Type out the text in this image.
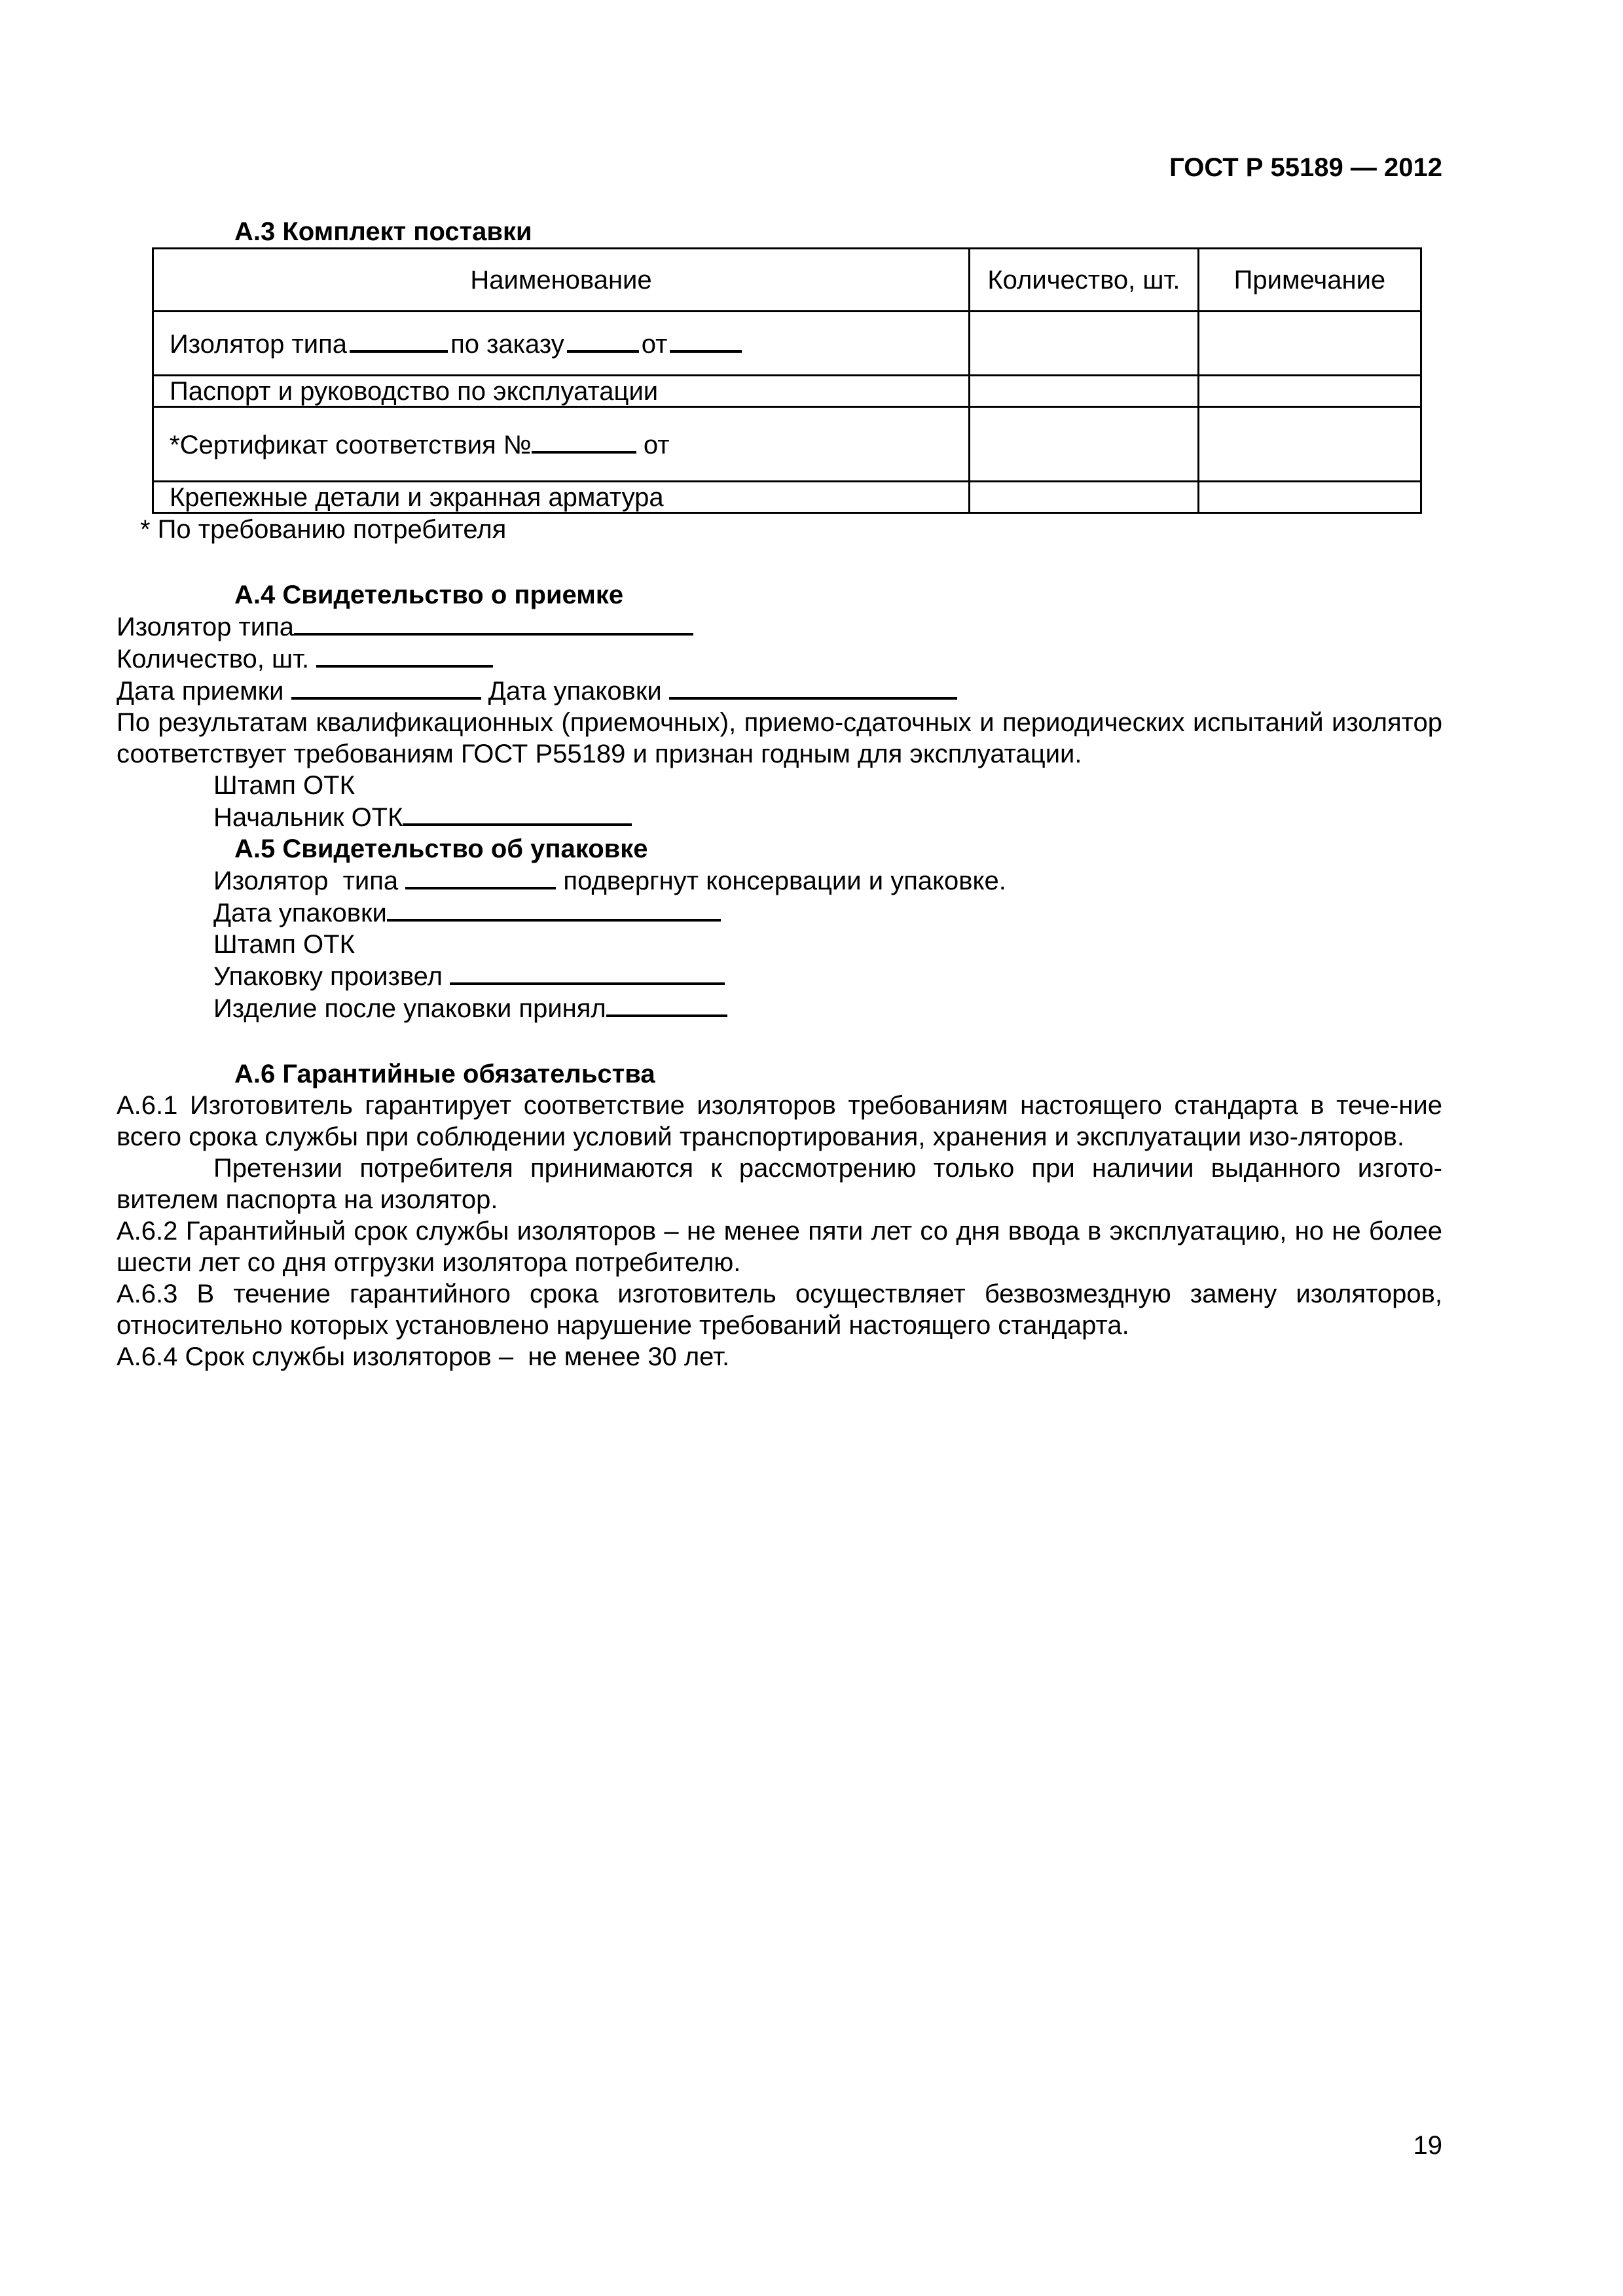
ГОСТ Р 55189 — 2012
А.3 Комплект поставки
Наименование	Количество, шт.	Примечание
Изолятор типа по заказу от		
Паспорт и руководство по эксплуатации		
*Сертификат соответствия № от		
Крепежные детали и экранная арматура		
* По требованию потребителя
А.4 Свидетельство о приемке
Изолятор типа
Количество, шт.
Дата приемки	Дата упаковки
По результатам квалификационных (приемочных), приемо-сдаточных и периодических испытаний изолятор соответствует требованиям ГОСТ Р55189 и признан годным для эксплуатации.
Штамп ОТК
Начальник ОТК
А.5 Свидетельство об упаковке
Изолятор  типа	подвергнут консервации и упаковке.
Дата упаковки
Штамп ОТК
Упаковку произвел
Изделие после упаковки принял
А.6 Гарантийные обязательства
А.6.1 Изготовитель гарантирует соответствие изоляторов требованиям настоящего стандарта в тече-ние всего срока службы при соблюдении условий транспортирования, хранения и эксплуатации изо-ляторов.
Претензии потребителя принимаются к рассмотрению только при наличии выданного изгото-вителем паспорта на изолятор.
А.6.2 Гарантийный срок службы изоляторов – не менее пяти лет со дня ввода в эксплуатацию, но не более шести лет со дня отгрузки изолятора потребителю.
А.6.3 В течение гарантийного срока изготовитель осуществляет безвозмездную замену изоляторов, относительно которых установлено нарушение требований настоящего стандарта.
А.6.4 Срок службы изоляторов –  не менее 30 лет.
19
